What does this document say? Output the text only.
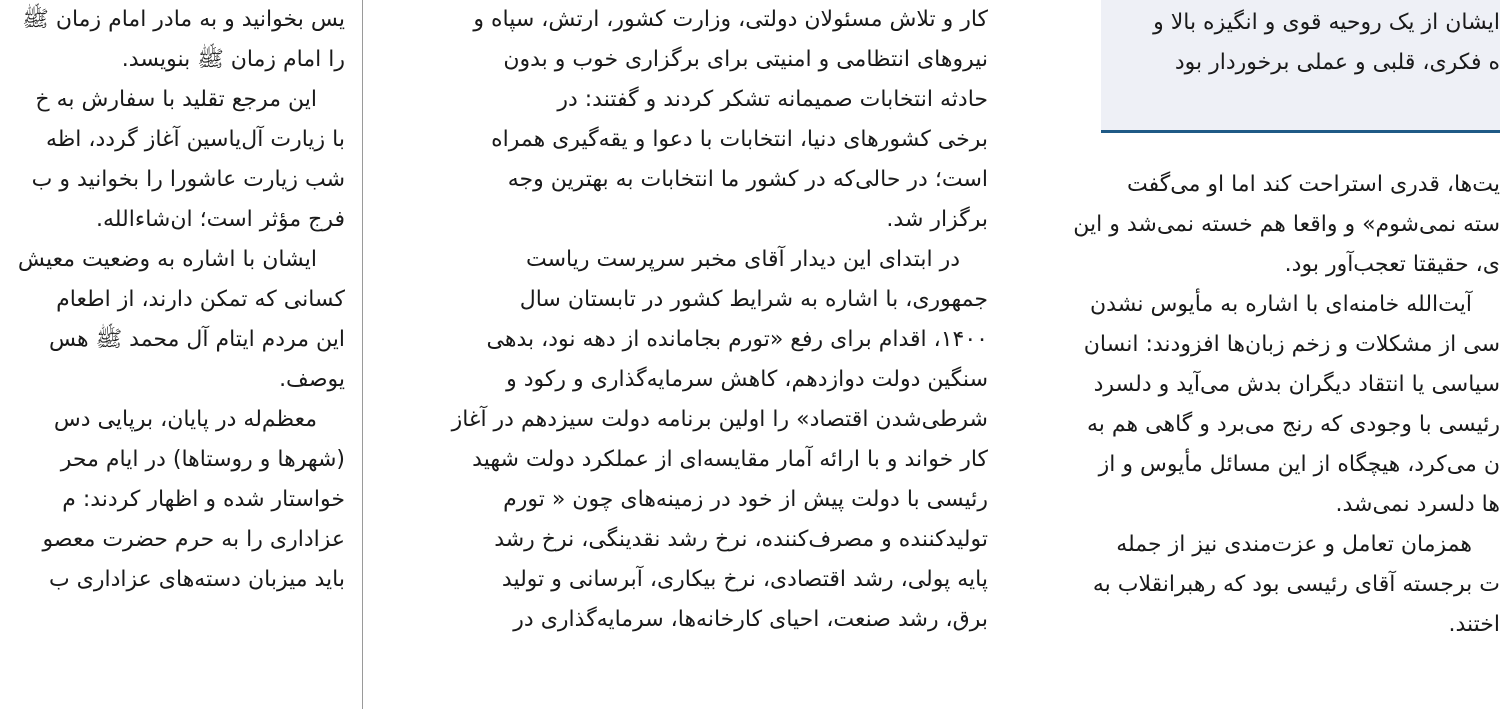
یس بخوانید و به مادر امام زمان ﷺ
را امام زمان ﷺ بنویسد.
این مرجع تقلید با سفارش به خ
با زیارت آل‌یاسین آغاز گردد، اظه
شب زیارت عاشورا را بخوانید و ب
فرج مؤثر است؛ ان‌شاءالله.
ایشان با اشاره به وضعیت معیش
کسانی که تمکن دارند، از اطعام
این مردم ایتام آل محمد ﷺ هس
یوصف.
معظم‌له در پایان، برپایی دس
(شهرها و روستاها) در ایام محر
خواستار شده و اظهار کردند: م
عزاداری را به حرم حضرت معصو
باید میزبان دسته‌های عزاداری ب
کار و تلاش مسئولان دولتی، وزارت کشور، ارتش، سپاه و
نیروهای انتظامی و امنیتی برای برگزاری خوب و بدون
حادثه انتخابات صمیمانه تشکر کردند و گفتند: در
برخی کشورهای دنیا، انتخابات با دعوا و یقه‌گیری همراه
است؛ در حالی‌که در کشور ما انتخابات به بهترین وجه
برگزار شد.
در ابتدای این دیدار آقای مخبر سرپرست ریاست
جمهوری، با اشاره به شرایط کشور در تابستان سال
۱۴۰۰، اقدام برای رفع «تورم بجامانده از دهه نود، بدهی
سنگین دولت دوازدهم، کاهش سرمایه‌گذاری و رکود و
شرطی‌شدن اقتصاد» را اولین برنامه دولت سیزدهم در آغاز
کار خواند و با ارائه آمار مقایسه‌ای از عملکرد دولت شهید
رئیسی با دولت پیش از خود در زمینه‌های چون « تورم
تولیدکننده و مصرف‌کننده، نرخ رشد نقدینگی، نرخ رشد
پایه پولی، رشد اقتصادی، نرخ بیکاری، آبرسانی و تولید
برق، رشد صنعت، احیای کارخانه‌ها، سرمایه‌گذاری در
ایشان از یک روحیه قوی و انگیزه بالا و
ه فکری، قلبی و عملی برخوردار بود
یت‌ها، قدری استراحت کند اما او می‌گفت
سته نمی‌شوم» و واقعا هم خسته نمی‌شد و این
ی، حقیقتا تعجب‌آور بود.
آیت‌الله خامنه‌ای با اشاره به مأیوس نشدن
سی از مشکلات و زخم زبان‌ها افزودند: انسان
سیاسی یا انتقاد دیگران بدش می‌آید و دلسرد
رئیسی با وجودی که رنج می‌برد و گاهی هم به
ن می‌کرد، هیچگاه از این مسائل مأیوس و از
ها دلسرد نمی‌شد.
همزمان تعامل و عزت‌مندی نیز از جمله
ت برجسته آقای رئیسی بود که رهبرانقلاب به
اختند.
